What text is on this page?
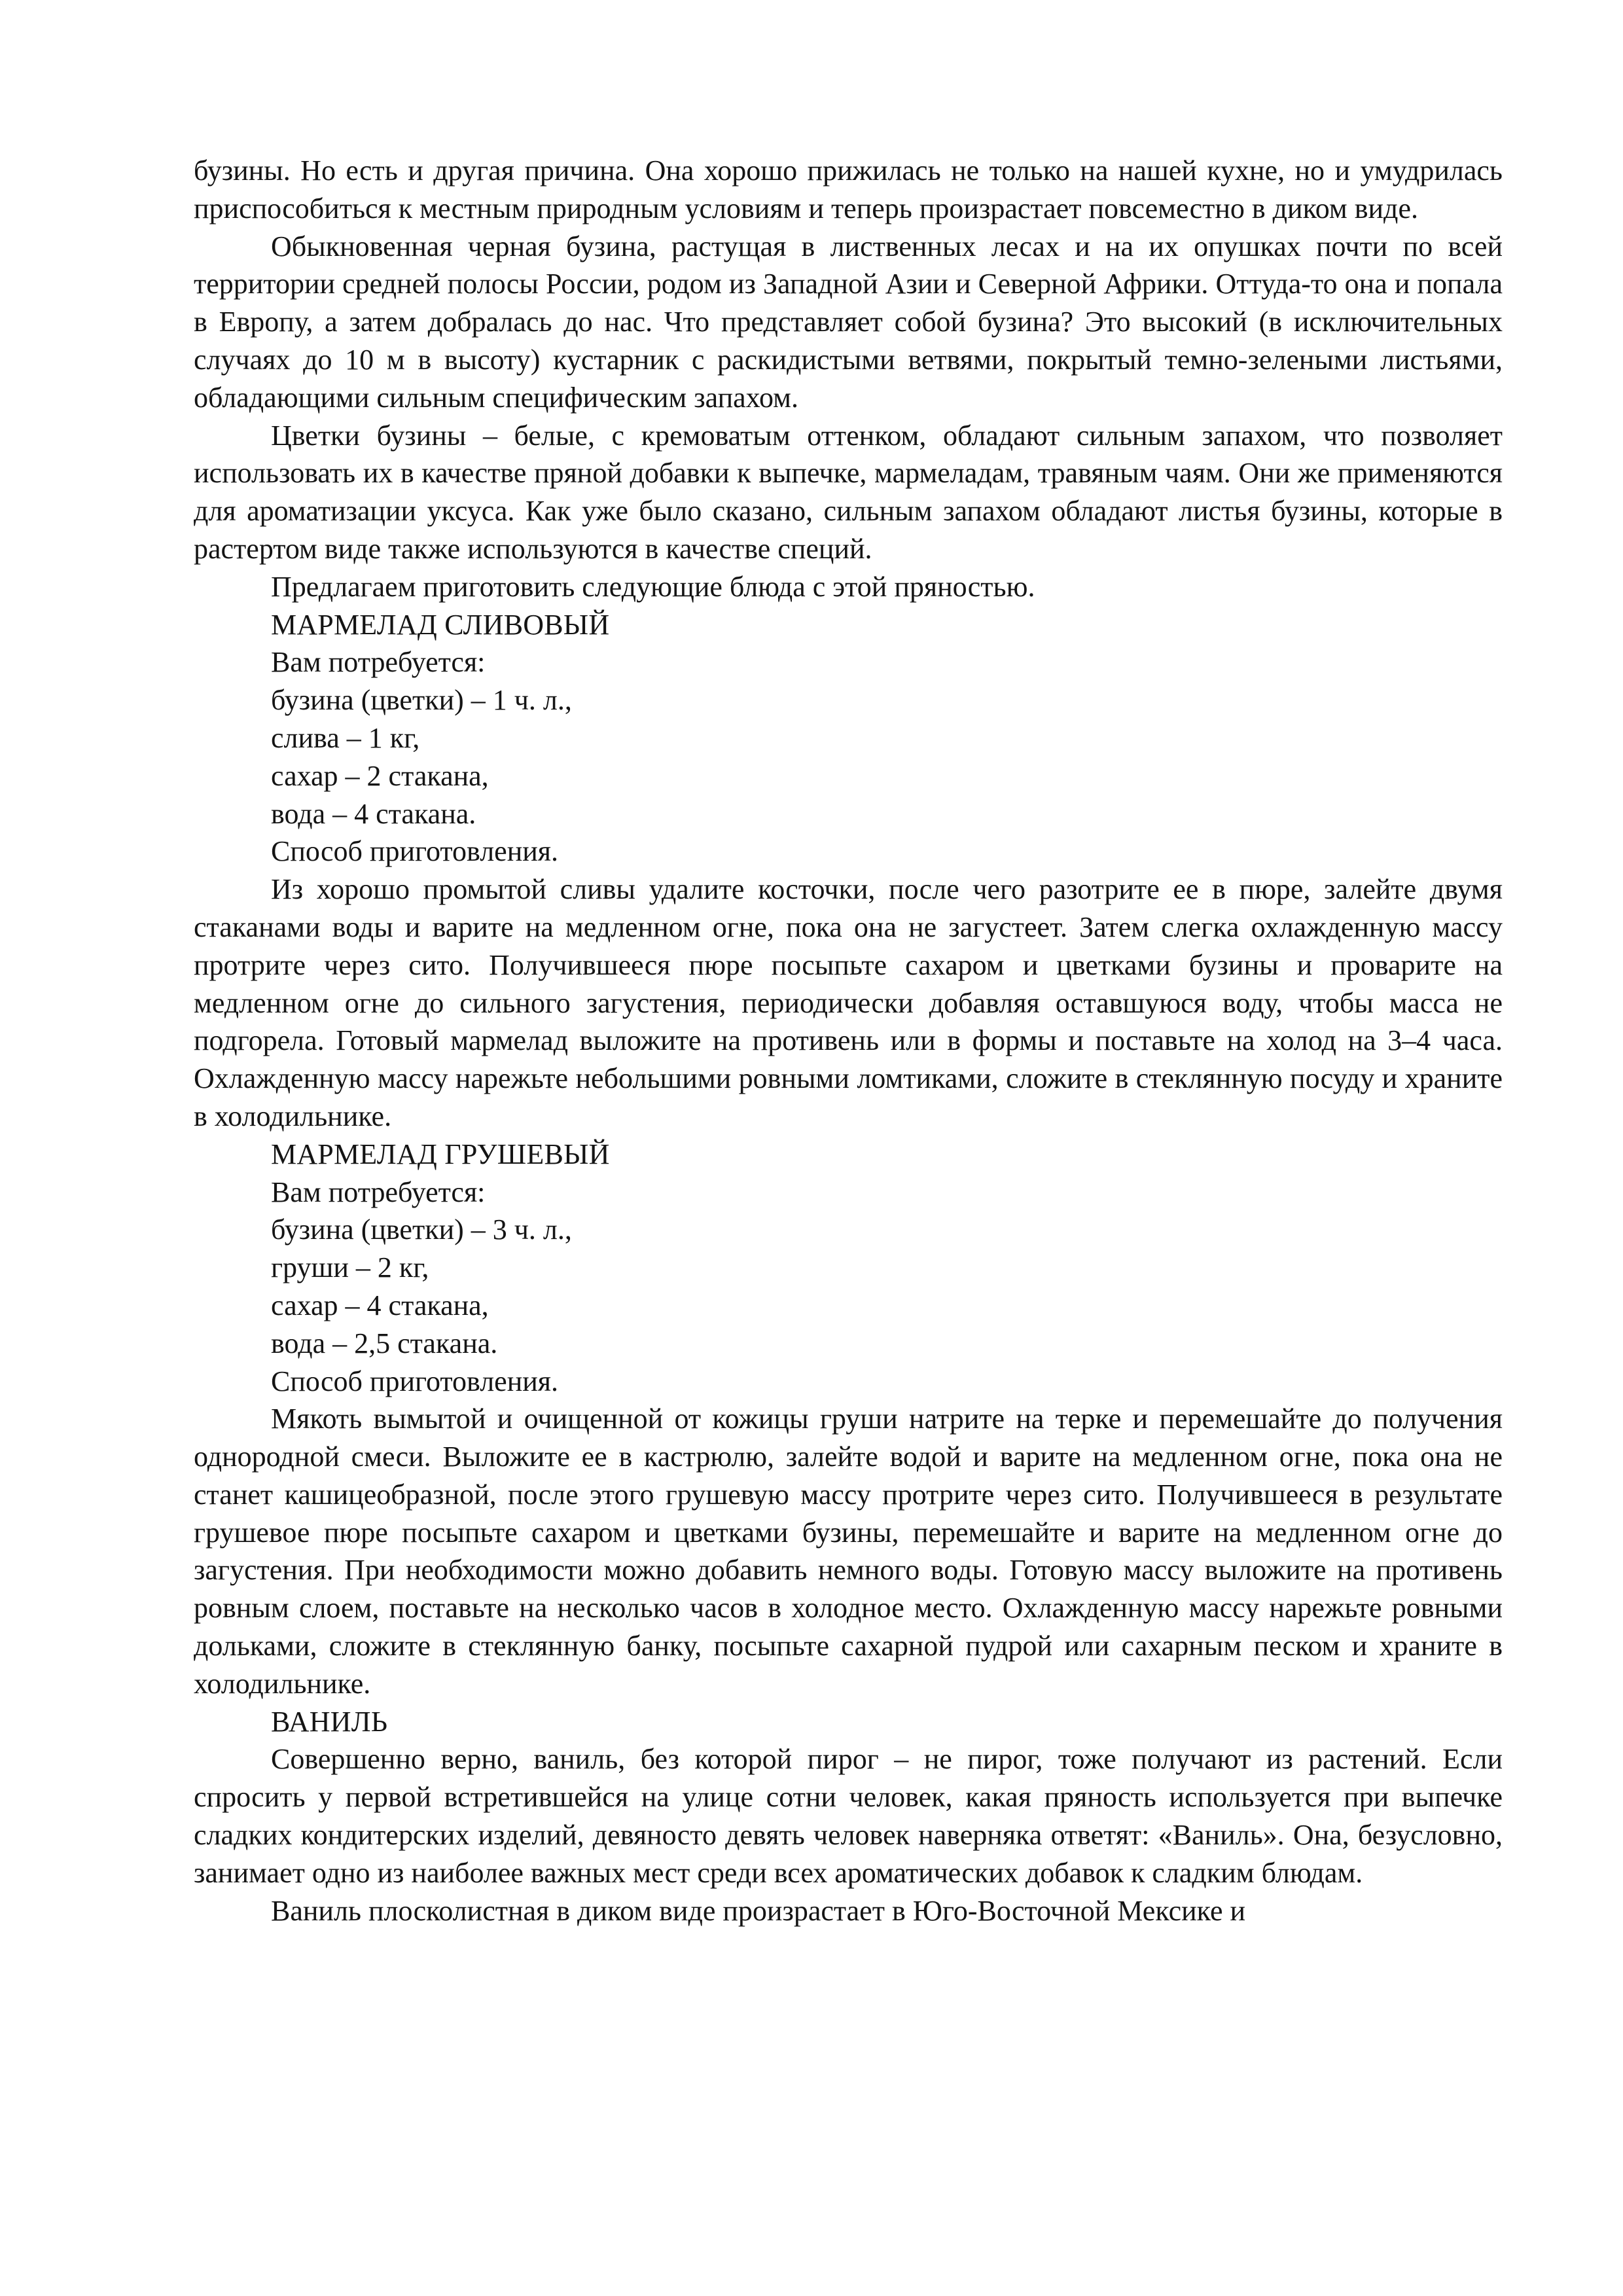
бузины. Но есть и другая причина. Она хорошо прижилась не только на нашей кухне, но и умудрилась приспособиться к местным природным условиям и теперь произрастает повсеместно в диком виде.

Обыкновенная черная бузина, растущая в лиственных лесах и на их опушках почти по всей территории средней полосы России, родом из Западной Азии и Северной Африки. Оттуда-то она и попала в Европу, а затем добралась до нас. Что представляет собой бузина? Это высокий (в исключительных случаях до 10 м в высоту) кустарник с раскидистыми ветвями, покрытый темно-зелеными листьями, обладающими сильным специфическим запахом.

Цветки бузины – белые, с кремоватым оттенком, обладают сильным запахом, что позволяет использовать их в качестве пряной добавки к выпечке, мармеладам, травяным чаям. Они же применяются для ароматизации уксуса. Как уже было сказано, сильным запахом обладают листья бузины, которые в растертом виде также используются в качестве специй.

Предлагаем приготовить следующие блюда с этой пряностью.

МАРМЕЛАД СЛИВОВЫЙ

Вам потребуется:

бузина (цветки) – 1 ч. л.,

слива – 1 кг,

сахар – 2 стакана,

вода – 4 стакана.

Способ приготовления.

Из хорошо промытой сливы удалите косточки, после чего разотрите ее в пюре, залейте двумя стаканами воды и варите на медленном огне, пока она не загустеет. Затем слегка охлажденную массу протрите через сито. Получившееся пюре посыпьте сахаром и цветками бузины и проварите на медленном огне до сильного загустения, периодически добавляя оставшуюся воду, чтобы масса не подгорела. Готовый мармелад выложите на противень или в формы и поставьте на холод на 3–4 часа. Охлажденную массу нарежьте небольшими ровными ломтиками, сложите в стеклянную посуду и храните в холодильнике.

МАРМЕЛАД ГРУШЕВЫЙ

Вам потребуется:

бузина (цветки) – 3 ч. л.,

груши – 2 кг,

сахар – 4 стакана,

вода – 2,5 стакана.

Способ приготовления.

Мякоть вымытой и очищенной от кожицы груши натрите на терке и перемешайте до получения однородной смеси. Выложите ее в кастрюлю, залейте водой и варите на медленном огне, пока она не станет кашицеобразной, после этого грушевую массу протрите через сито. Получившееся в результате грушевое пюре посыпьте сахаром и цветками бузины, перемешайте и варите на медленном огне до загустения. При необходимости можно добавить немного воды. Готовую массу выложите на противень ровным слоем, поставьте на несколько часов в холодное место. Охлажденную массу нарежьте ровными дольками, сложите в стеклянную банку, посыпьте сахарной пудрой или сахарным песком и храните в холодильнике.

ВАНИЛЬ

Совершенно верно, ваниль, без которой пирог – не пирог, тоже получают из растений. Если спросить у первой встретившейся на улице сотни человек, какая пряность используется при выпечке сладких кондитерских изделий, девяносто девять человек наверняка ответят: «Ваниль». Она, безусловно, занимает одно из наиболее важных мест среди всех ароматических добавок к сладким блюдам.

Ваниль плосколистная в диком виде произрастает в Юго-Восточной Мексике и
